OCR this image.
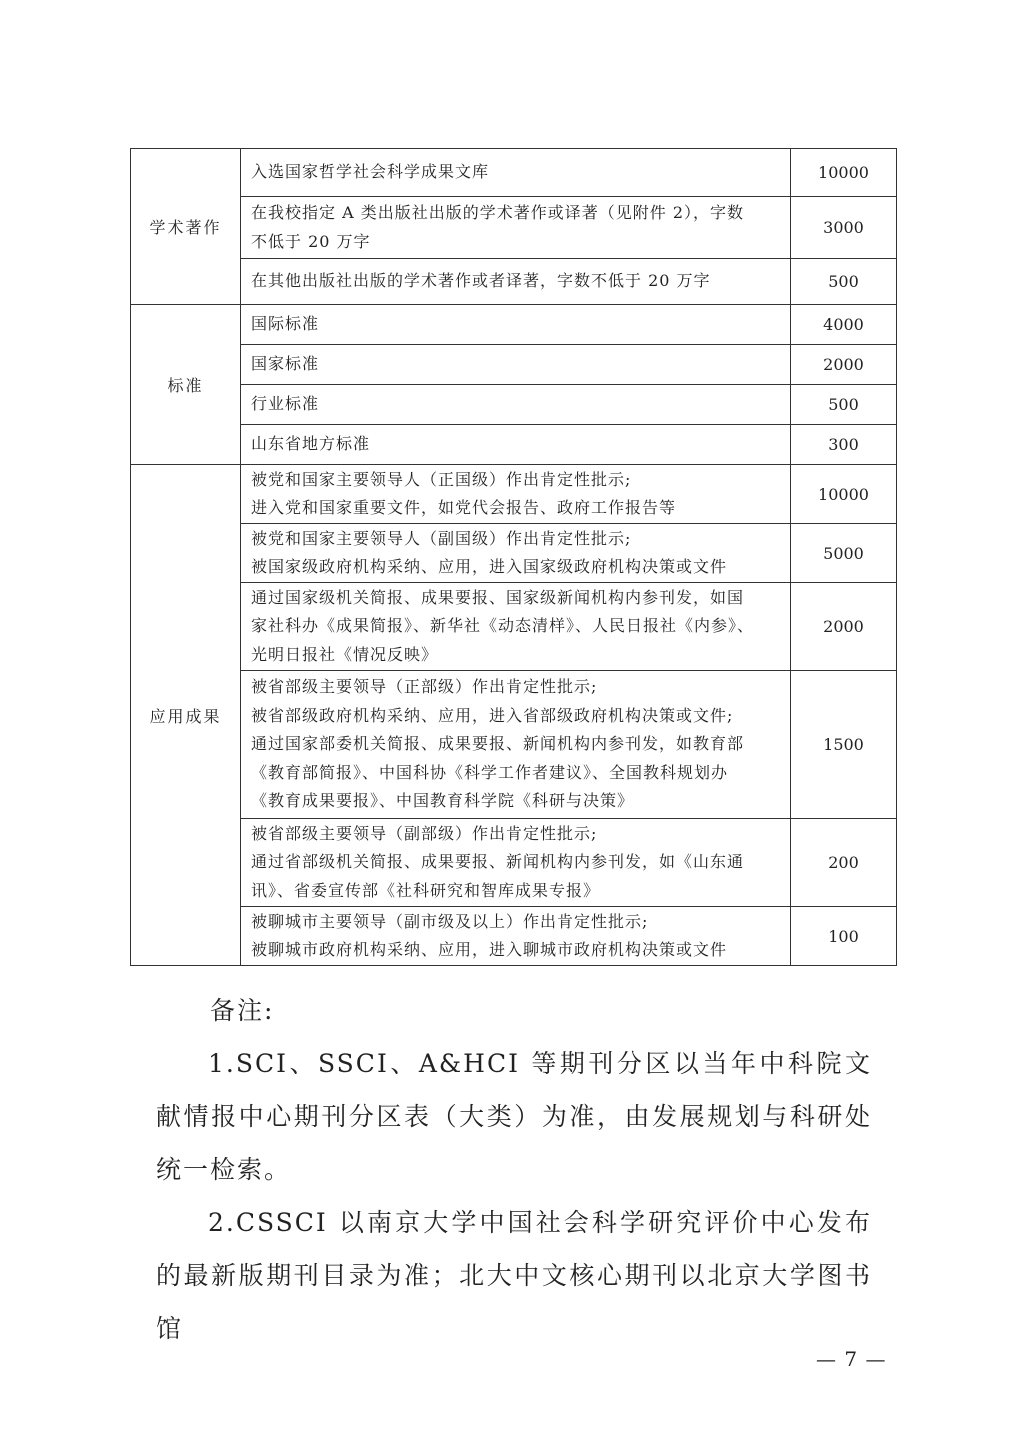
学术著作	入选国家哲学社会科学成果文库	10000

	在我校指定 A 类出版社出版的学术著作或译著（见附件 2），字数
不低于 20 万字	3000

	在其他出版社出版的学术著作或者译著，字数不低于 20 万字	500
标准	国际标准	4000

	国家标准	2000

	行业标准	500

	山东省地方标准	300
应用成果	被党和国家主要领导人（正国级）作出肯定性批示;
进入党和国家重要文件，如党代会报告、政府工作报告等	10000

	被党和国家主要领导人（副国级）作出肯定性批示;
被国家级政府机构采纳、应用，进入国家级政府机构决策或文件	5000

	通过国家级机关简报、成果要报、国家级新闻机构内参刊发，如国
家社科办《成果简报》、新华社《动态清样》、人民日报社《内参》、
光明日报社《情况反映》	2000

	被省部级主要领导（正部级）作出肯定性批示;
被省部级政府机构采纳、应用，进入省部级政府机构决策或文件;
通过国家部委机关简报、成果要报、新闻机构内参刊发，如教育部
《教育部简报》、中国科协《科学工作者建议》、全国教科规划办
《教育成果要报》、中国教育科学院《科研与决策》	1500

	被省部级主要领导（副部级）作出肯定性批示;
通过省部级机关简报、成果要报、新闻机构内参刊发，如《山东通
讯》、省委宣传部《社科研究和智库成果专报》	200

	被聊城市主要领导（副市级及以上）作出肯定性批示;
被聊城市政府机构采纳、应用，进入聊城市政府机构决策或文件	100

备注:

1.SCI、SSCI、A&HCI 等期刊分区以当年中科院文献情报中心期刊分区表（大类）为准，由发展规划与科研处统一检索。

2.CSSCI 以南京大学中国社会科学研究评价中心发布的最新版期刊目录为准；北大中文核心期刊以北京大学图书馆

— 7 —
